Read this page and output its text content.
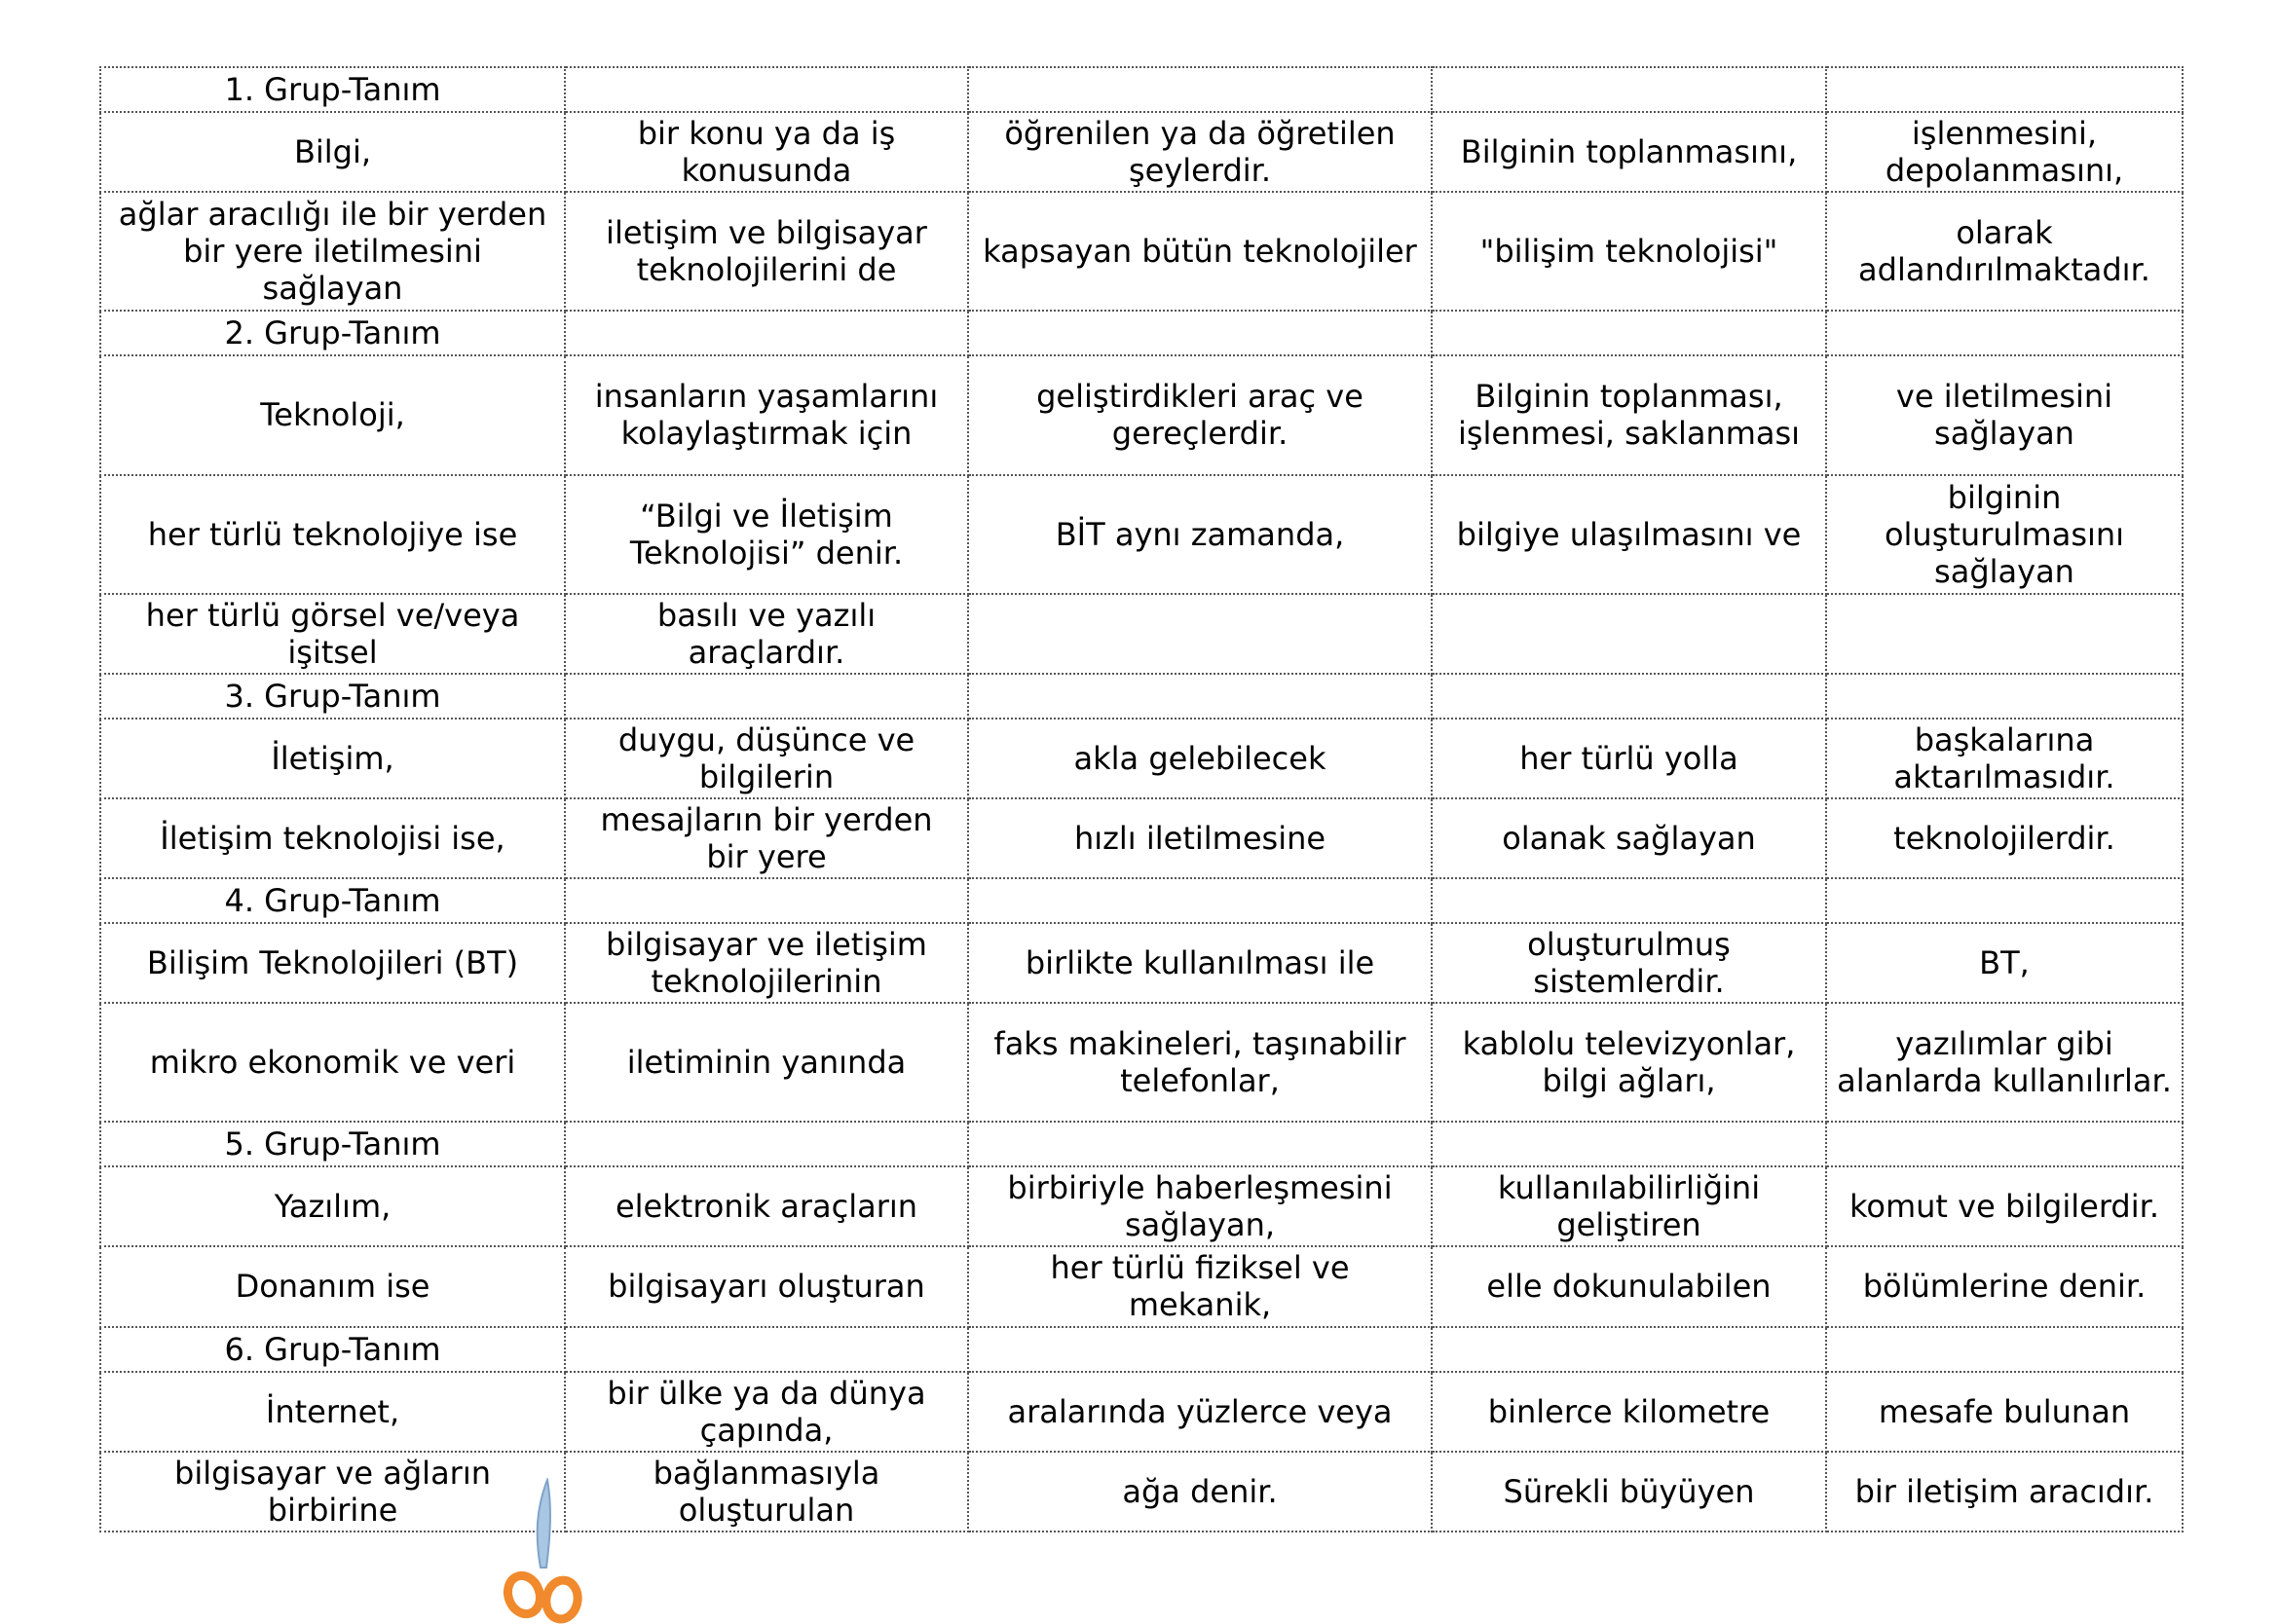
1. Grup-Tanım				
Bilgi,	bir konu ya da iş konusunda	öğrenilen ya da öğretilen şeylerdir.	Bilginin toplanmasını,	işlenmesini, depolanmasını,
ağlar aracılığı ile bir yerden bir yere iletilmesini sağlayan	iletişim ve bilgisayar teknolojilerini de	kapsayan bütün teknolojiler	"bilişim teknolojisi"	olarak adlandırılmaktadır.
2. Grup-Tanım				
Teknoloji,	insanların yaşamlarını kolaylaştırmak için	geliştirdikleri araç ve gereçlerdir.	Bilginin toplanması, işlenmesi, saklanması	ve iletilmesini sağlayan
her türlü teknolojiye ise	“Bilgi ve İletişim Teknolojisi” denir.	BİT aynı zamanda,	bilgiye ulaşılmasını ve	bilginin oluşturulmasını sağlayan
her türlü görsel ve/veya işitsel	basılı ve yazılı araçlardır.			
3. Grup-Tanım				
İletişim,	duygu, düşünce ve bilgilerin	akla gelebilecek	her türlü yolla	başkalarına aktarılmasıdır.
İletişim teknolojisi ise,	mesajların bir yerden bir yere	hızlı iletilmesine	olanak sağlayan	teknolojilerdir.
4. Grup-Tanım				
Bilişim Teknolojileri (BT)	bilgisayar ve iletişim teknolojilerinin	birlikte kullanılması ile	oluşturulmuş sistemlerdir.	BT,
mikro ekonomik ve veri	iletiminin yanında	faks makineleri, taşınabilir telefonlar,	kablolu televizyonlar, bilgi ağları,	yazılımlar gibi alanlarda kullanılırlar.
5. Grup-Tanım				
Yazılım,	elektronik araçların	birbiriyle haberleşmesini sağlayan,	kullanılabilirliğini geliştiren	komut ve bilgilerdir.
Donanım ise	bilgisayarı oluşturan	her türlü fiziksel ve mekanik,	elle dokunulabilen	bölümlerine denir.
6. Grup-Tanım				
İnternet,	bir ülke ya da dünya çapında,	aralarında yüzlerce veya	binlerce kilometre	mesafe bulunan
bilgisayar ve ağların birbirine	bağlanmasıyla oluşturulan	ağa denir.	Sürekli büyüyen	bir iletişim aracıdır.
